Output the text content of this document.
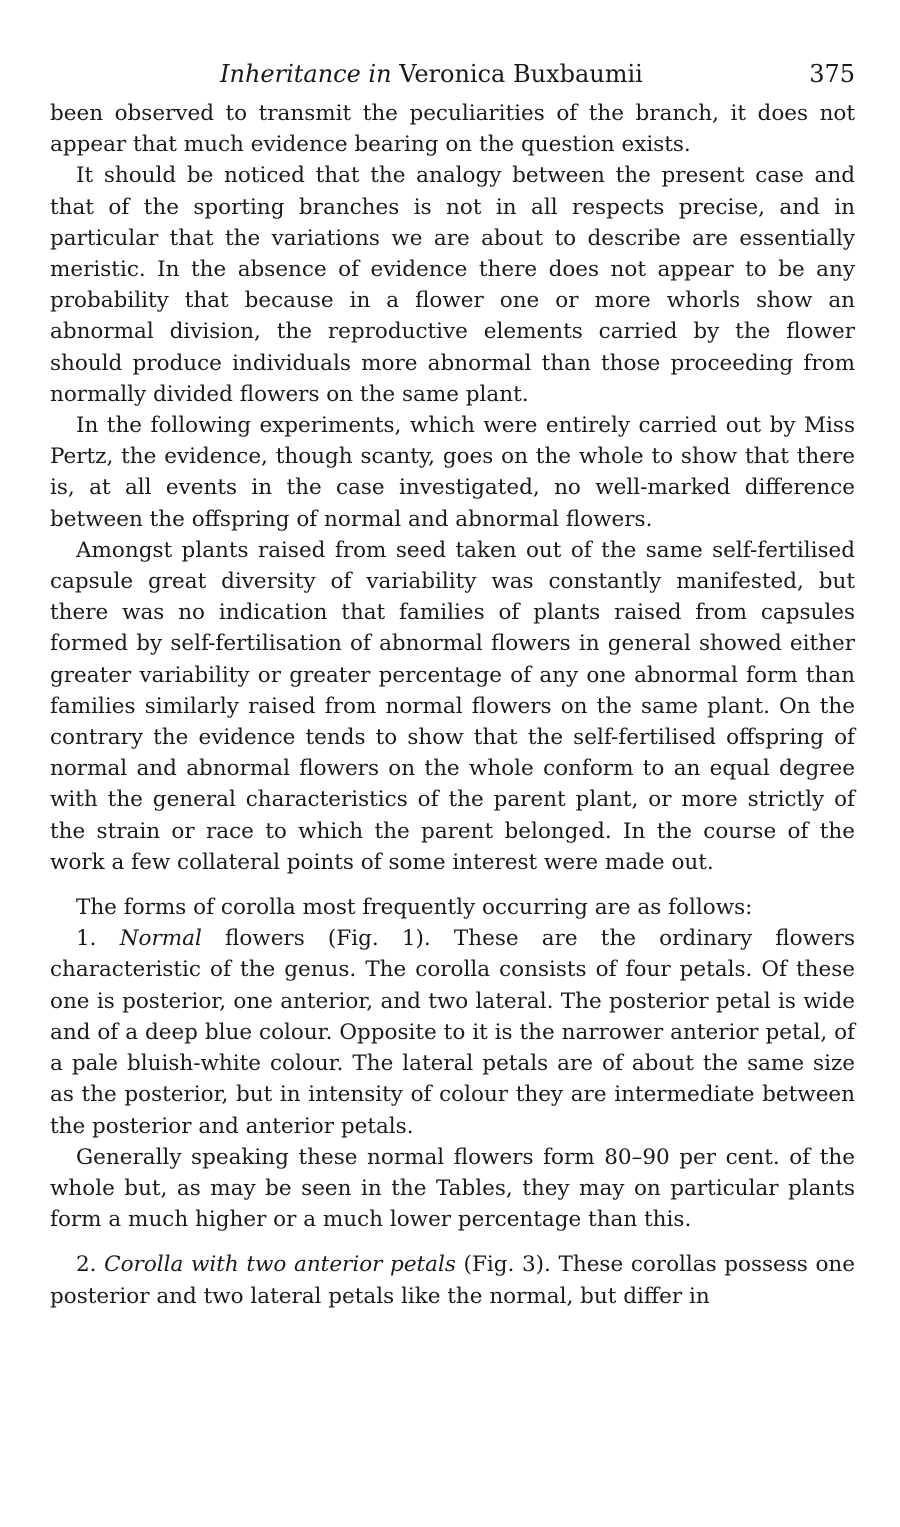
Inheritance in Veronica Buxbaumii	375

been observed to transmit the peculiarities of the branch, it does not appear that much evidence bearing on the question exists.

It should be noticed that the analogy between the present case and that of the sporting branches is not in all respects precise, and in particular that the variations we are about to describe are essentially meristic. In the absence of evidence there does not appear to be any probability that because in a flower one or more whorls show an abnormal division, the reproductive elements carried by the flower should produce individuals more abnormal than those proceeding from normally divided flowers on the same plant.

In the following experiments, which were entirely carried out by Miss Pertz, the evidence, though scanty, goes on the whole to show that there is, at all events in the case investigated, no well-marked difference between the offspring of normal and abnormal flowers.

Amongst plants raised from seed taken out of the same self-fertilised capsule great diversity of variability was constantly manifested, but there was no indication that families of plants raised from capsules formed by self-fertilisation of abnormal flowers in general showed either greater variability or greater percentage of any one abnormal form than families similarly raised from normal flowers on the same plant. On the contrary the evidence tends to show that the self-fertilised offspring of normal and abnormal flowers on the whole conform to an equal degree with the general characteristics of the parent plant, or more strictly of the strain or race to which the parent belonged. In the course of the work a few collateral points of some interest were made out.

The forms of corolla most frequently occurring are as follows:

1. Normal flowers (Fig. 1). These are the ordinary flowers characteristic of the genus. The corolla consists of four petals. Of these one is posterior, one anterior, and two lateral. The posterior petal is wide and of a deep blue colour. Opposite to it is the narrower anterior petal, of a pale bluish-white colour. The lateral petals are of about the same size as the posterior, but in intensity of colour they are intermediate between the posterior and anterior petals.

Generally speaking these normal flowers form 80–90 per cent. of the whole but, as may be seen in the Tables, they may on particular plants form a much higher or a much lower percentage than this.

2. Corolla with two anterior petals (Fig. 3). These corollas possess one posterior and two lateral petals like the normal, but differ in
